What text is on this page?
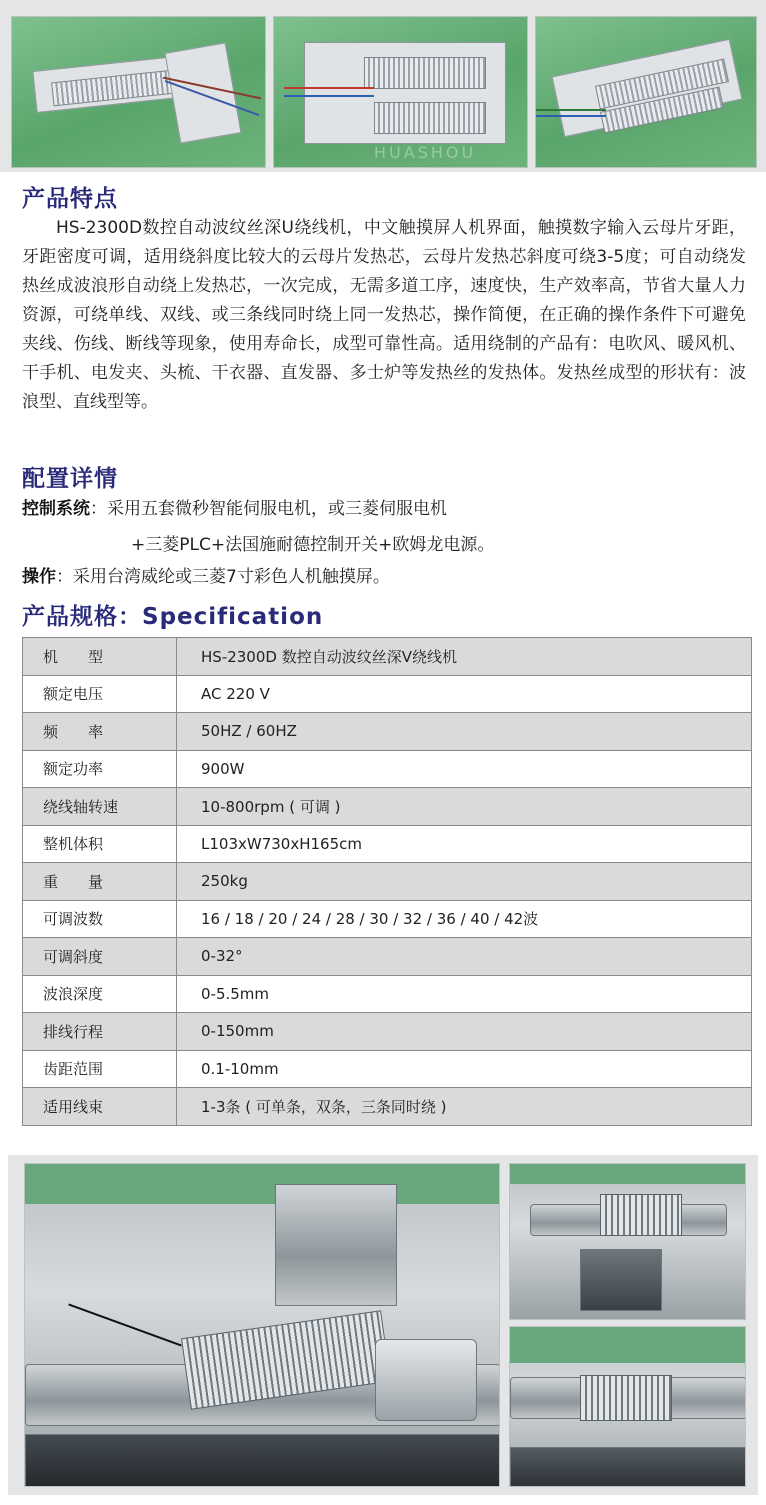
HUASHOU
产品特点

HS-2300D数控自动波纹丝深U绕线机，中文触摸屏人机界面，触摸数字输入云母片牙距，牙距密度可调，适用绕斜度比较大的云母片发热芯，云母片发热芯斜度可绕3-5度；可自动绕发热丝成波浪形自动绕上发热芯，一次完成，无需多道工序，速度快，生产效率高，节省大量人力资源，可绕单线、双线、或三条线同时绕上同一发热芯，操作简便，在正确的操作条件下可避免夹线、伤线、断线等现象，使用寿命长，成型可靠性高。适用绕制的产品有：电吹风、暖风机、干手机、电发夹、头梳、干衣器、直发器、多士炉等发热丝的发热体。发热丝成型的形状有：波浪型、直线型等。

配置详情
控制系统：采用五套微秒智能伺服电机，或三菱伺服电机
+三菱PLC+法国施耐德控制开关+欧姆龙电源。
操作：采用台湾威纶或三菱7寸彩色人机触摸屏。
产品规格：Specification
机　　型	HS-2300D 数控自动波纹丝深V绕线机
额定电压	AC 220 V
频　　率	50HZ / 60HZ
额定功率	900W
绕线轴转速	10-800rpm ( 可调 )
整机体积	L103xW730xH165cm
重　　量	250kg
可调波数	16 / 18 / 20 / 24 / 28 / 30 / 32 / 36 / 40 / 42波
可调斜度	0-32°
波浪深度	0-5.5mm
排线行程	0-150mm
齿距范围	0.1-10mm
适用线束	1-3条 ( 可单条，双条，三条同时绕 )
